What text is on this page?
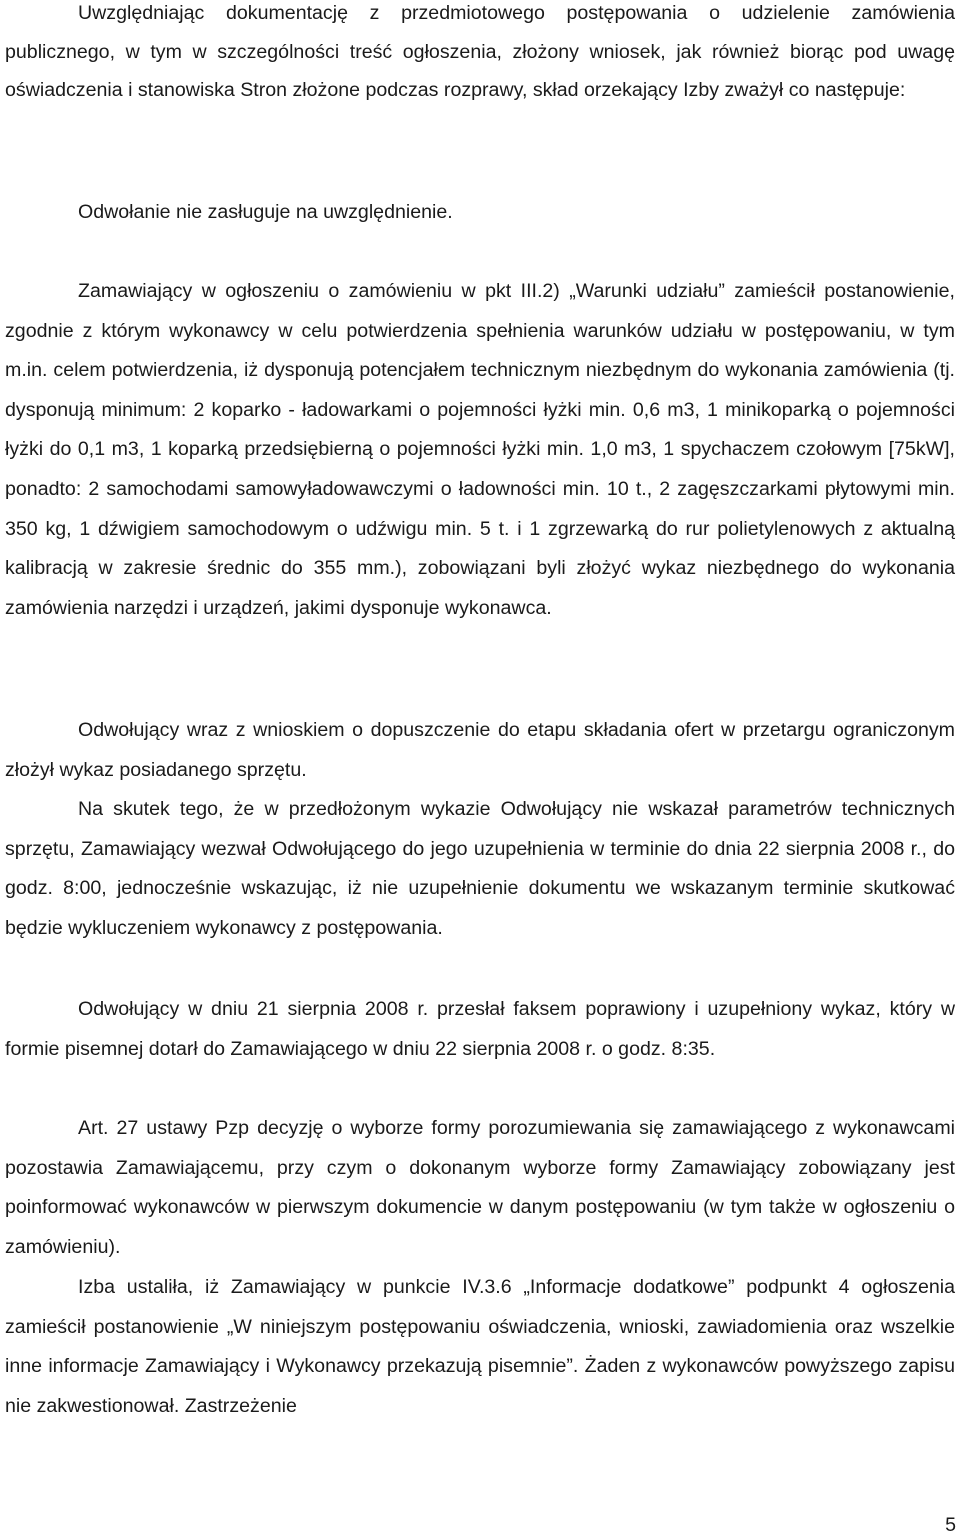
Uwzględniając dokumentację z przedmiotowego postępowania o udzielenie zamówienia publicznego, w tym w szczególności treść ogłoszenia, złożony wniosek, jak również biorąc pod uwagę oświadczenia i stanowiska Stron złożone podczas rozprawy, skład orzekający Izby zważył co następuje:

Odwołanie nie zasługuje na uwzględnienie.

Zamawiający w ogłoszeniu o zamówieniu w pkt III.2) „Warunki udziału” zamieścił postanowienie, zgodnie z którym wykonawcy w celu potwierdzenia spełnienia warunków udziału w postępowaniu, w tym m.in. celem potwierdzenia, iż dysponują potencjałem technicznym niezbędnym do wykonania zamówienia (tj. dysponują minimum: 2 koparko - ładowarkami o pojemności łyżki min. 0,6 m3, 1 minikoparką o pojemności łyżki do 0,1 m3, 1 koparką przedsiębierną o pojemności łyżki min. 1,0 m3, 1 spychaczem czołowym [75kW], ponadto: 2 samochodami samowyładowawczymi o ładowności min. 10 t., 2 zagęszczarkami płytowymi min. 350 kg, 1 dźwigiem samochodowym o udźwigu min. 5 t. i 1 zgrzewarką do rur polietylenowych z aktualną kalibracją w zakresie średnic do 355 mm.), zobowiązani byli złożyć wykaz niezbędnego do wykonania zamówienia narzędzi i urządzeń, jakimi dysponuje wykonawca.

Odwołujący wraz z wnioskiem o dopuszczenie do etapu składania ofert w przetargu ograniczonym złożył wykaz posiadanego sprzętu.

Na skutek tego, że w przedłożonym wykazie Odwołujący nie wskazał parametrów technicznych sprzętu, Zamawiający wezwał Odwołującego do jego uzupełnienia w terminie do dnia 22 sierpnia 2008 r., do godz. 8:00, jednocześnie wskazując, iż nie uzupełnienie dokumentu we wskazanym terminie skutkować będzie wykluczeniem wykonawcy z postępowania.

Odwołujący w dniu 21 sierpnia 2008 r. przesłał faksem poprawiony i uzupełniony wykaz, który w formie pisemnej dotarł do Zamawiającego w dniu 22 sierpnia 2008 r. o godz. 8:35.

Art. 27 ustawy Pzp decyzję o wyborze formy porozumiewania się zamawiającego z wykonawcami pozostawia Zamawiającemu, przy czym o dokonanym wyborze formy Zamawiający zobowiązany jest poinformować wykonawców w pierwszym dokumencie w danym postępowaniu (w tym także w ogłoszeniu o zamówieniu).

Izba ustaliła, iż Zamawiający w punkcie IV.3.6 „Informacje dodatkowe” podpunkt 4 ogłoszenia zamieścił postanowienie „W niniejszym postępowaniu oświadczenia, wnioski, zawiadomienia oraz wszelkie inne informacje Zamawiający i Wykonawcy przekazują pisemnie”. Żaden z wykonawców powyższego zapisu nie zakwestionował. Zastrzeżenie

5
